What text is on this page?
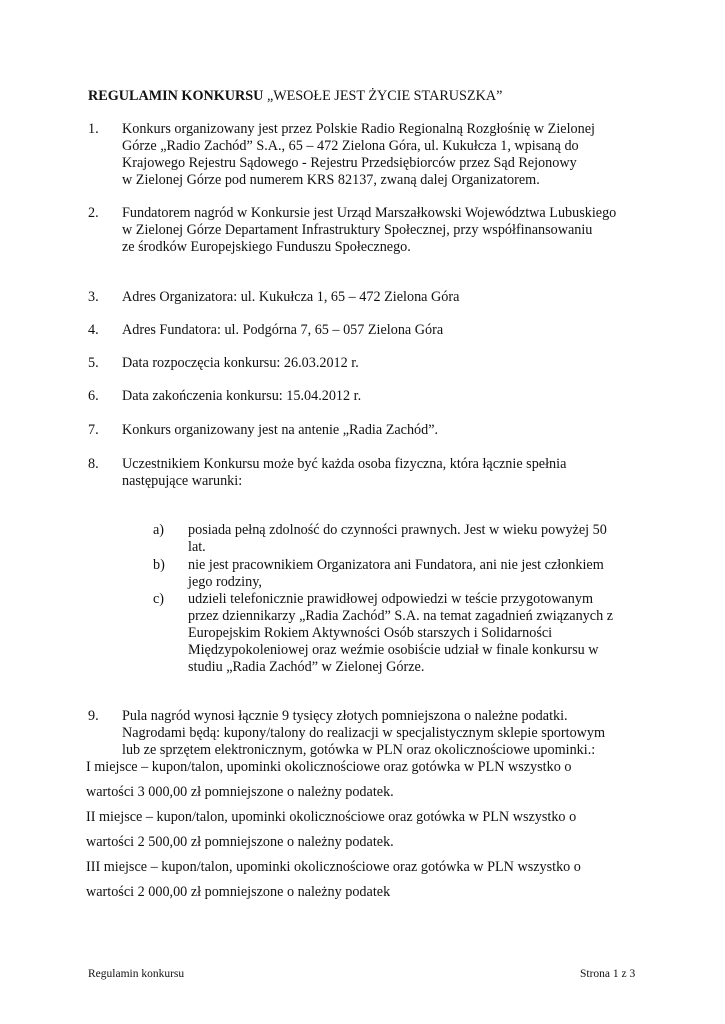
REGULAMIN KONKURSU „WESOŁE JEST ŻYCIE STARUSZKA”
1. Konkurs organizowany jest przez Polskie Radio Regionalną Rozgłośnię w Zielonej
Górze „Radio Zachód” S.A., 65 – 472 Zielona Góra, ul. Kukułcza 1, wpisaną do
Krajowego Rejestru Sądowego - Rejestru Przedsiębiorców przez Sąd Rejonowy
w Zielonej Górze pod numerem KRS 82137, zwaną dalej Organizatorem.
2. Fundatorem nagród w Konkursie jest Urząd Marszałkowski Województwa Lubuskiego
w Zielonej Górze Departament Infrastruktury Społecznej, przy współfinansowaniu
ze środków Europejskiego Funduszu Społecznego.
3. Adres Organizatora: ul. Kukułcza 1, 65 – 472 Zielona Góra
4. Adres Fundatora: ul. Podgórna 7, 65 – 057 Zielona Góra
5. Data rozpoczęcia konkursu: 26.03.2012 r.
6. Data zakończenia konkursu: 15.04.2012 r.
7. Konkurs organizowany jest na antenie „Radia Zachód”.
8. Uczestnikiem Konkursu może być każda osoba fizyczna, która łącznie spełnia
następujące warunki:
a) posiada pełną zdolność do czynności prawnych. Jest w wieku powyżej 50
lat.
b) nie jest pracownikiem Organizatora ani Fundatora, ani nie jest członkiem
jego rodziny,
c) udzieli telefonicznie prawidłowej odpowiedzi w teście przygotowanym
przez dziennikarzy „Radia Zachód” S.A. na temat zagadnień związanych z
Europejskim Rokiem Aktywności Osób starszych i Solidarności
Międzypokoleniowej oraz weźmie osobiście udział w finale konkursu w
studiu „Radia Zachód” w Zielonej Górze.
9. Pula nagród wynosi łącznie 9 tysięcy złotych pomniejszona o należne podatki.
Nagrodami będą: kupony/talony do realizacji w specjalistycznym sklepie sportowym
lub ze sprzętem elektronicznym, gotówka w PLN oraz okolicznościowe upominki.:
I miejsce – kupon/talon, upominki okolicznościowe oraz gotówka w PLN wszystko o
wartości 3 000,00 zł pomniejszone o należny podatek.
II miejsce – kupon/talon, upominki okolicznościowe oraz gotówka w PLN wszystko o
wartości 2 500,00 zł pomniejszone o należny podatek.
III miejsce – kupon/talon, upominki okolicznościowe oraz gotówka w PLN wszystko o
wartości 2 000,00 zł pomniejszone o należny podatek
Regulamin konkursu	Strona 1 z 3
